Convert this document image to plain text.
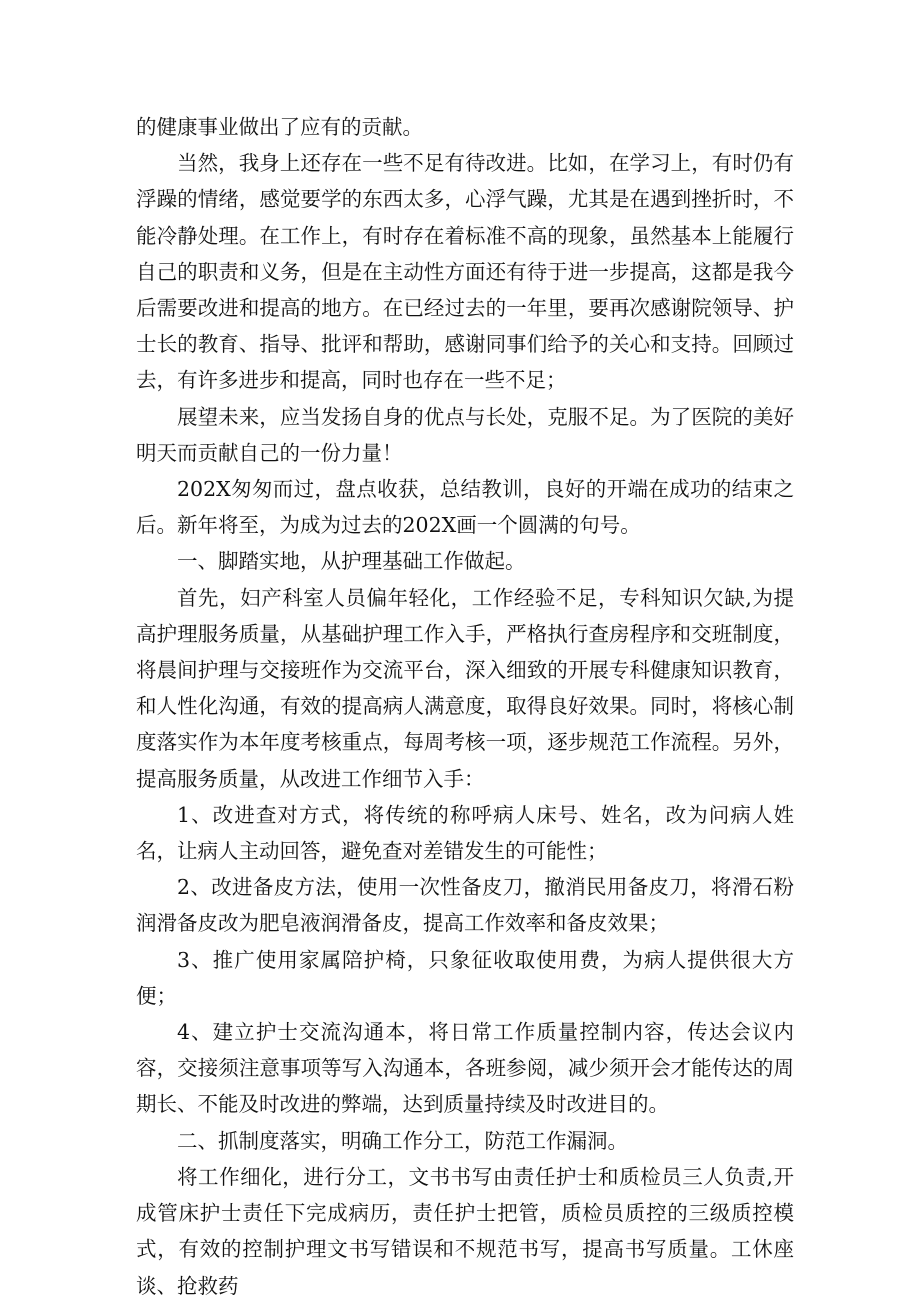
的健康事业做出了应有的贡献。

当然，我身上还存在一些不足有待改进。比如，在学习上，有时仍有浮躁的情绪，感觉要学的东西太多，心浮气躁，尤其是在遇到挫折时，不能冷静处理。在工作上，有时存在着标准不高的现象，虽然基本上能履行自己的职责和义务，但是在主动性方面还有待于进一步提高，这都是我今后需要改进和提高的地方。在已经过去的一年里，要再次感谢院领导、护士长的教育、指导、批评和帮助，感谢同事们给予的关心和支持。回顾过去，有许多进步和提高，同时也存在一些不足；

展望未来，应当发扬自身的优点与长处，克服不足。为了医院的美好明天而贡献自己的一份力量！

202X匆匆而过，盘点收获，总结教训，良好的开端在成功的结束之后。新年将至，为成为过去的202X画一个圆满的句号。

一、脚踏实地，从护理基础工作做起。

首先，妇产科室人员偏年轻化，工作经验不足，专科知识欠缺,为提高护理服务质量，从基础护理工作入手，严格执行查房程序和交班制度，将晨间护理与交接班作为交流平台，深入细致的开展专科健康知识教育，和人性化沟通，有效的提高病人满意度，取得良好效果。同时，将核心制度落实作为本年度考核重点，每周考核一项，逐步规范工作流程。另外，提高服务质量，从改进工作细节入手：

1、改进查对方式，将传统的称呼病人床号、姓名，改为问病人姓名，让病人主动回答，避免查对差错发生的可能性；

2、改进备皮方法，使用一次性备皮刀，撤消民用备皮刀，将滑石粉润滑备皮改为肥皂液润滑备皮，提高工作效率和备皮效果；

3、推广使用家属陪护椅，只象征收取使用费，为病人提供很大方便；

4、建立护士交流沟通本，将日常工作质量控制内容，传达会议内容，交接须注意事项等写入沟通本，各班参阅，减少须开会才能传达的周期长、不能及时改进的弊端，达到质量持续及时改进目的。

二、抓制度落实，明确工作分工，防范工作漏洞。

将工作细化，进行分工，文书书写由责任护士和质检员三人负责,开成管床护士责任下完成病历，责任护士把管，质检员质控的三级质控模式，有效的控制护理文书写错误和不规范书写，提高书写质量。工休座谈、抢救药
